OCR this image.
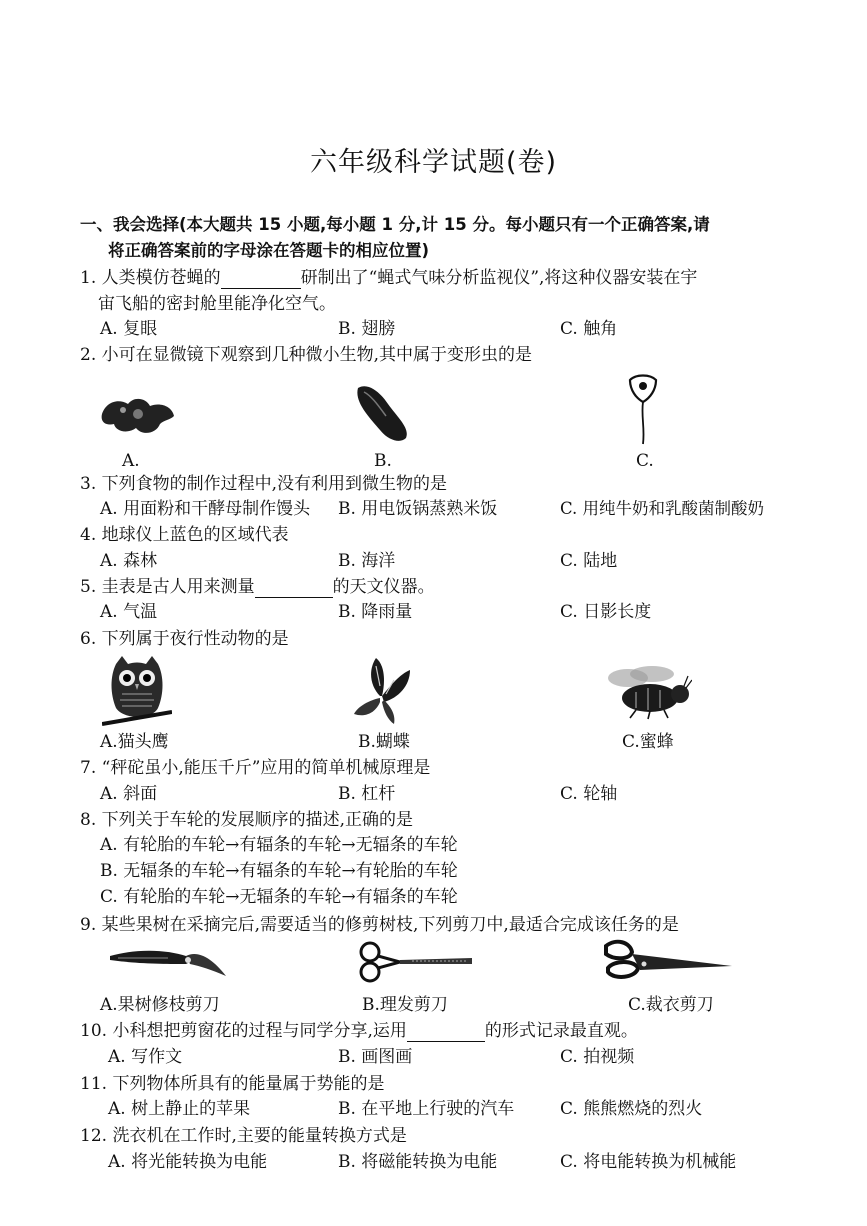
六年级科学试题(卷)
一、我会选择(本大题共 15 小题,每小题 1 分,计 15 分。每小题只有一个正确答案,请
将正确答案前的字母涂在答题卡的相应位置)
1. 人类模仿苍蝇的	研制出了“蝇式气味分析监视仪”,将这种仪器安装在宇
宙飞船的密封舱里能净化空气。
A. 复眼	B. 翅膀	C. 触角
2. 小可在显微镜下观察到几种微小生物,其中属于变形虫的是
A.	B.	C.
3. 下列食物的制作过程中,没有利用到微生物的是
A. 用面粉和干酵母制作馒头 B. 用电饭锅蒸熟米饭	C. 用纯牛奶和乳酸菌制酸奶
4. 地球仪上蓝色的区域代表
A. 森林	B. 海洋	C. 陆地
5. 圭表是古人用来测量	的天文仪器。
A. 气温	B. 降雨量	C. 日影长度
6. 下列属于夜行性动物的是
A.猫头鹰	B.蝴蝶	C.蜜蜂
7. “秤砣虽小,能压千斤”应用的简单机械原理是
A. 斜面	B. 杠杆	C. 轮轴
8. 下列关于车轮的发展顺序的描述,正确的是
A. 有轮胎的车轮→有辐条的车轮→无辐条的车轮
B. 无辐条的车轮→有辐条的车轮→有轮胎的车轮
C. 有轮胎的车轮→无辐条的车轮→有辐条的车轮
9. 某些果树在采摘完后,需要适当的修剪树枝,下列剪刀中,最适合完成该任务的是
A.果树修枝剪刀	B.理发剪刀	C.裁衣剪刀
10. 小科想把剪窗花的过程与同学分享,运用	的形式记录最直观。
A. 写作文	B. 画图画	C. 拍视频
11. 下列物体所具有的能量属于势能的是
A. 树上静止的苹果	B. 在平地上行驶的汽车	C. 熊熊燃烧的烈火
12. 洗衣机在工作时,主要的能量转换方式是
A. 将光能转换为电能	B. 将磁能转换为电能	C. 将电能转换为机械能
